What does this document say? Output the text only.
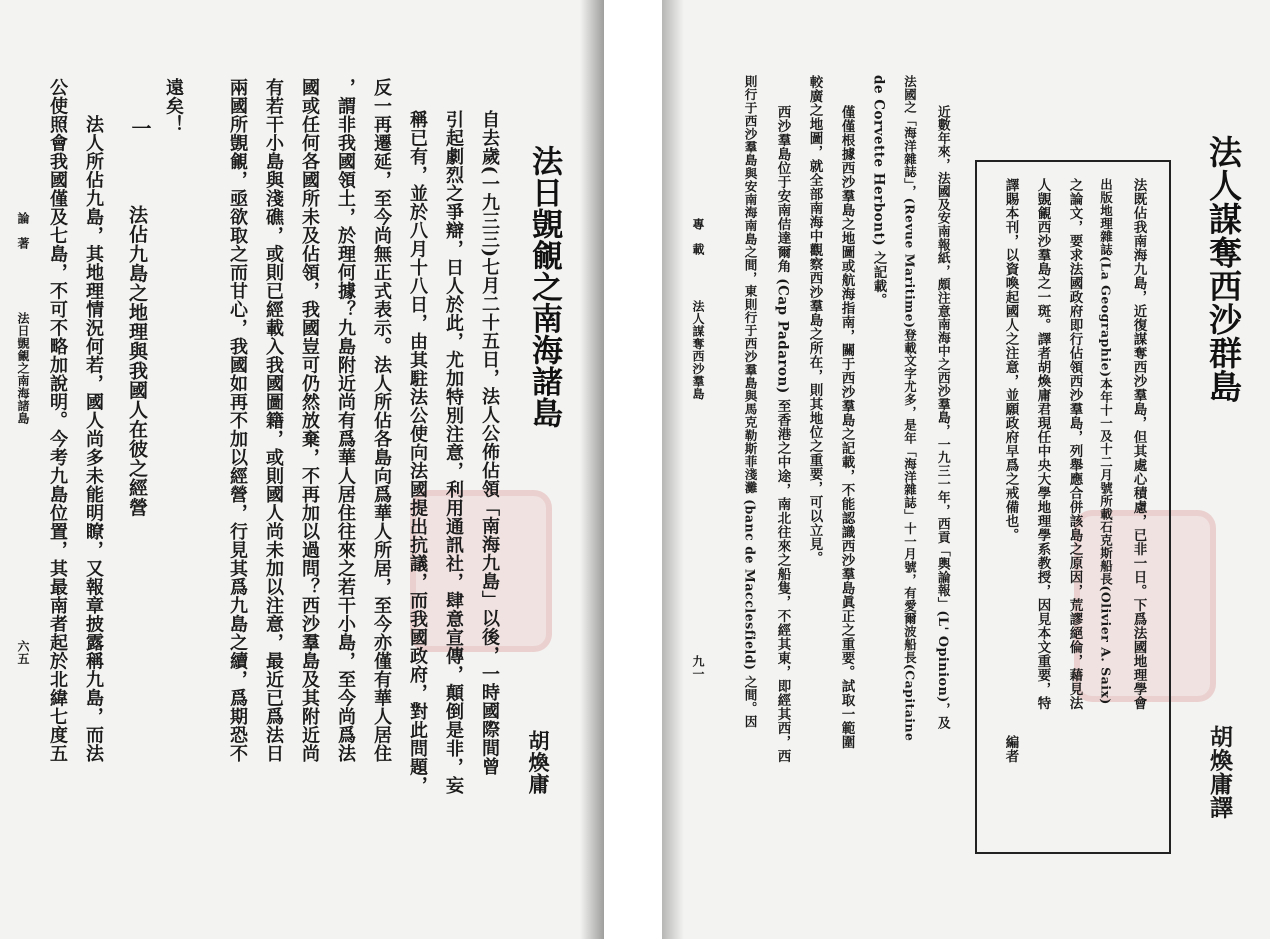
法日覬覦之南海諸島
胡煥庸
自去歲(一九三三)七月二十五日，法人公佈佔領「南海九島」以後，一時國際間曾
引起劇烈之爭辯，日人於此，尤加特別注意，利用通訊社，肆意宣傳，顛倒是非，妄
稱已有，並於八月十八日，由其駐法公使向法國提出抗議，而我國政府，對此問題，
反一再遷延，至今尚無正式表示。法人所佔各島向爲華人所居，至今亦僅有華人居住
，謂非我國領土，於理何據？九島附近尚有爲華人居住往來之若干小島，至今尚爲法
國或任何各國所未及佔領，我國豈可仍然放棄，不再加以過問？西沙羣島及其附近尚
有若干小島與淺礁，或則已經載入我國圖籍，或則國人尚未加以注意，最近已爲法日
兩國所覬覦，亟欲取之而甘心，我國如再不加以經營，行見其爲九島之續，爲期恐不
遠矣！
一
法佔九島之地理與我國人在彼之經營
法人所佔九島，其地理情況何若，國人尚多未能明瞭，又報章披露稱九島，而法
公使照會我國僅及七島，不可不略加說明。今考九島位置，其最南者起於北緯七度五
論　著
法日覬覦之南海諸島
六五
法人謀奪西沙群島
胡煥庸譯
法既佔我南海九島，近復謀奪西沙羣島，但其處心積慮，已非一日。下爲法國地理學會
出版地理雜誌(La Geographie)本年十一及十二月號所載石克斯船長(Olivier A. Saix)
之論文，要求法國政府即行佔領西沙羣島，列舉應合併該島之原因，荒謬絕倫，藉見法
人覬覦西沙羣島之一斑。譯者胡煥庸君現任中央大學地理學系教授，因見本文重要，特
譯賜本刊，以資喚起國人之注意，並願政府早爲之戒備也。
編者
近數年來，法國及安南報紙，頗注意南海中之西沙羣島，一九三一年，西貢「輿論報」(L' Opinion)，及
法國之「海洋雜誌」，(Revue Maritime)登載文字尤多，是年「海洋雜誌」十一月號，有愛爾波船長(Capitaine
de Corvette Herbont) 之記載。
僅僅根據西沙羣島之地圖或航海指南，關于西沙羣島之記載，不能認識西沙羣島眞正之重要。試取一範圍
較廣之地圖，就全部南海中觀察西沙羣島之所在，則其地位之重要，可以立見。
西沙羣島位于安南佶達爾角 (Cap Padaron) 至香港之中途，南北往來之船隻，不經其東，即經其西，西
則行于西沙羣島與安南海南島之間，東則行于西沙羣島與馬克勒斯菲淺灘 (banc de Macclesfield) 之間。因
專　載
法人謀奪西沙羣島
九一
